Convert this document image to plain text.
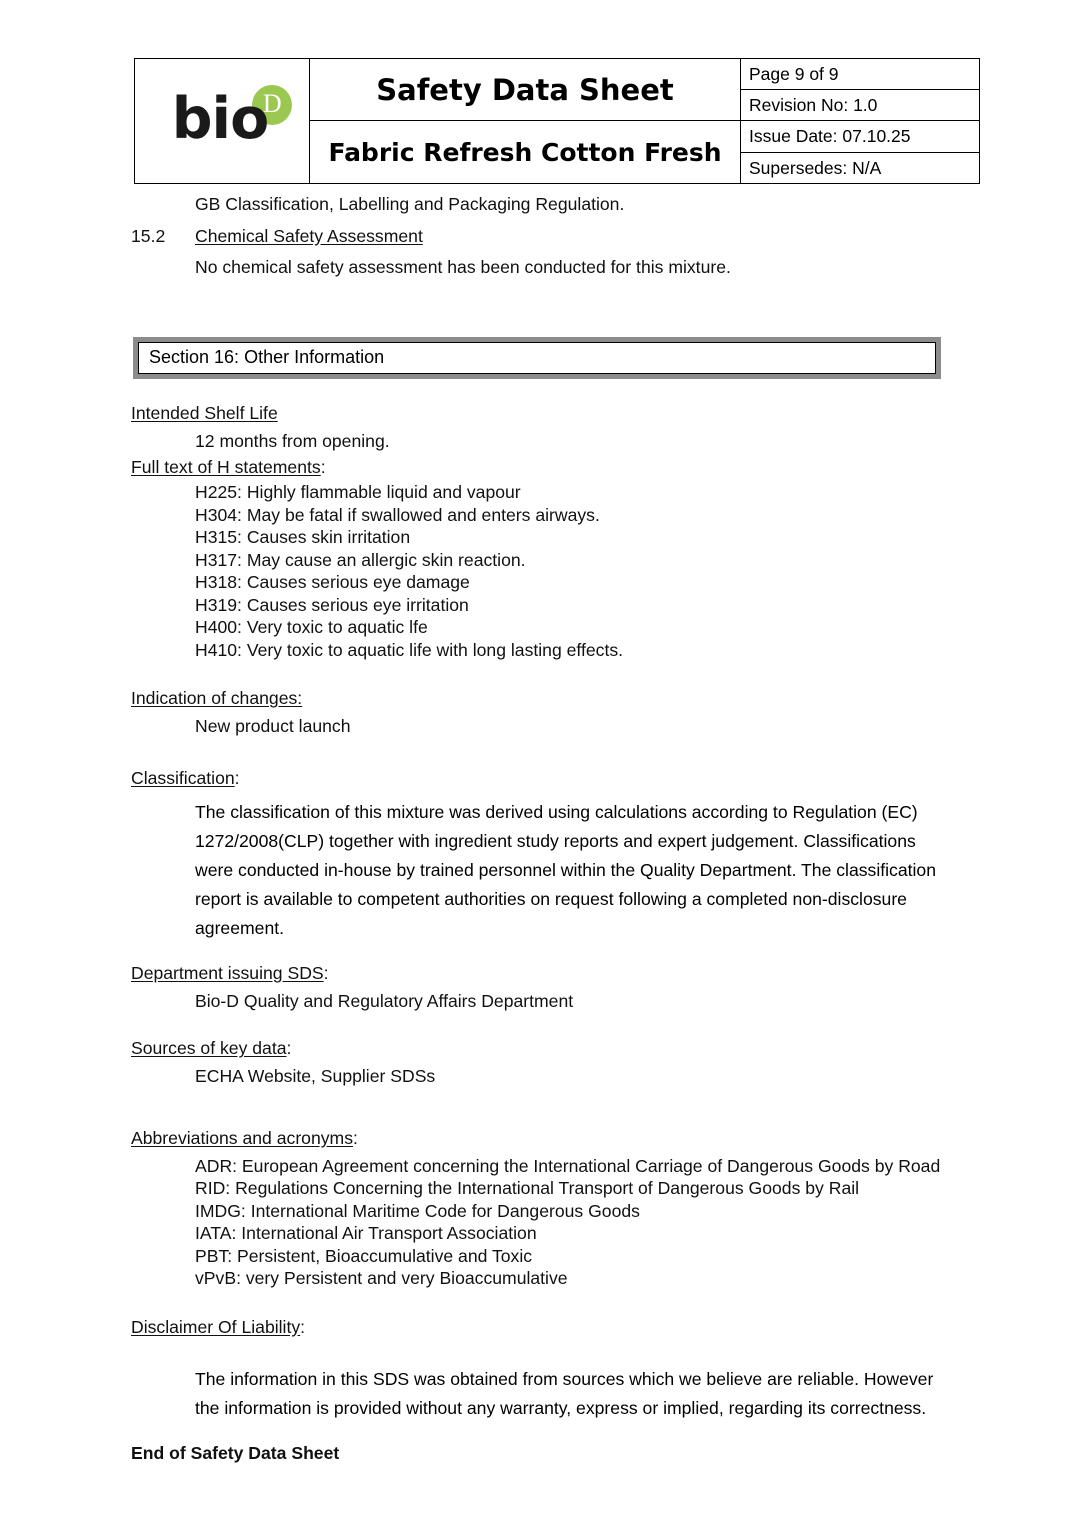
bio
D	Safety Data Sheet	Page 9 of 9
		Revision No: 1.0

	Fabric Refresh Cotton Fresh	Issue Date: 07.10.25
		Supersedes: N/A
GB Classification, Labelling and Packaging Regulation.
15.2 Chemical Safety Assessment
No chemical safety assessment has been conducted for this mixture.
Section 16: Other Information
Intended Shelf Life
12 months from opening.
Full text of H statements:
H225: Highly flammable liquid and vapour
H304: May be fatal if swallowed and enters airways.
H315: Causes skin irritation
H317: May cause an allergic skin reaction.
H318: Causes serious eye damage
H319: Causes serious eye irritation
H400: Very toxic to aquatic lfe
H410: Very toxic to aquatic life with long lasting effects.
Indication of changes:
New product launch
Classification:
The classification of this mixture was derived using calculations according to Regulation (EC) 1272/2008(CLP) together with ingredient study reports and expert judgement. Classifications were conducted in-house by trained personnel within the Quality Department. The classification report is available to competent authorities on request following a completed non-disclosure agreement.
Department issuing SDS:
Bio-D Quality and Regulatory Affairs Department
Sources of key data:
ECHA Website, Supplier SDSs
Abbreviations and acronyms:
ADR: European Agreement concerning the International Carriage of Dangerous Goods by Road
RID: Regulations Concerning the International Transport of Dangerous Goods by Rail
IMDG: International Maritime Code for Dangerous Goods
IATA: International Air Transport Association
PBT: Persistent, Bioaccumulative and Toxic
vPvB: very Persistent and very Bioaccumulative
Disclaimer Of Liability:
The information in this SDS was obtained from sources which we believe are reliable. However the information is provided without any warranty, express or implied, regarding its correctness.
End of Safety Data Sheet
